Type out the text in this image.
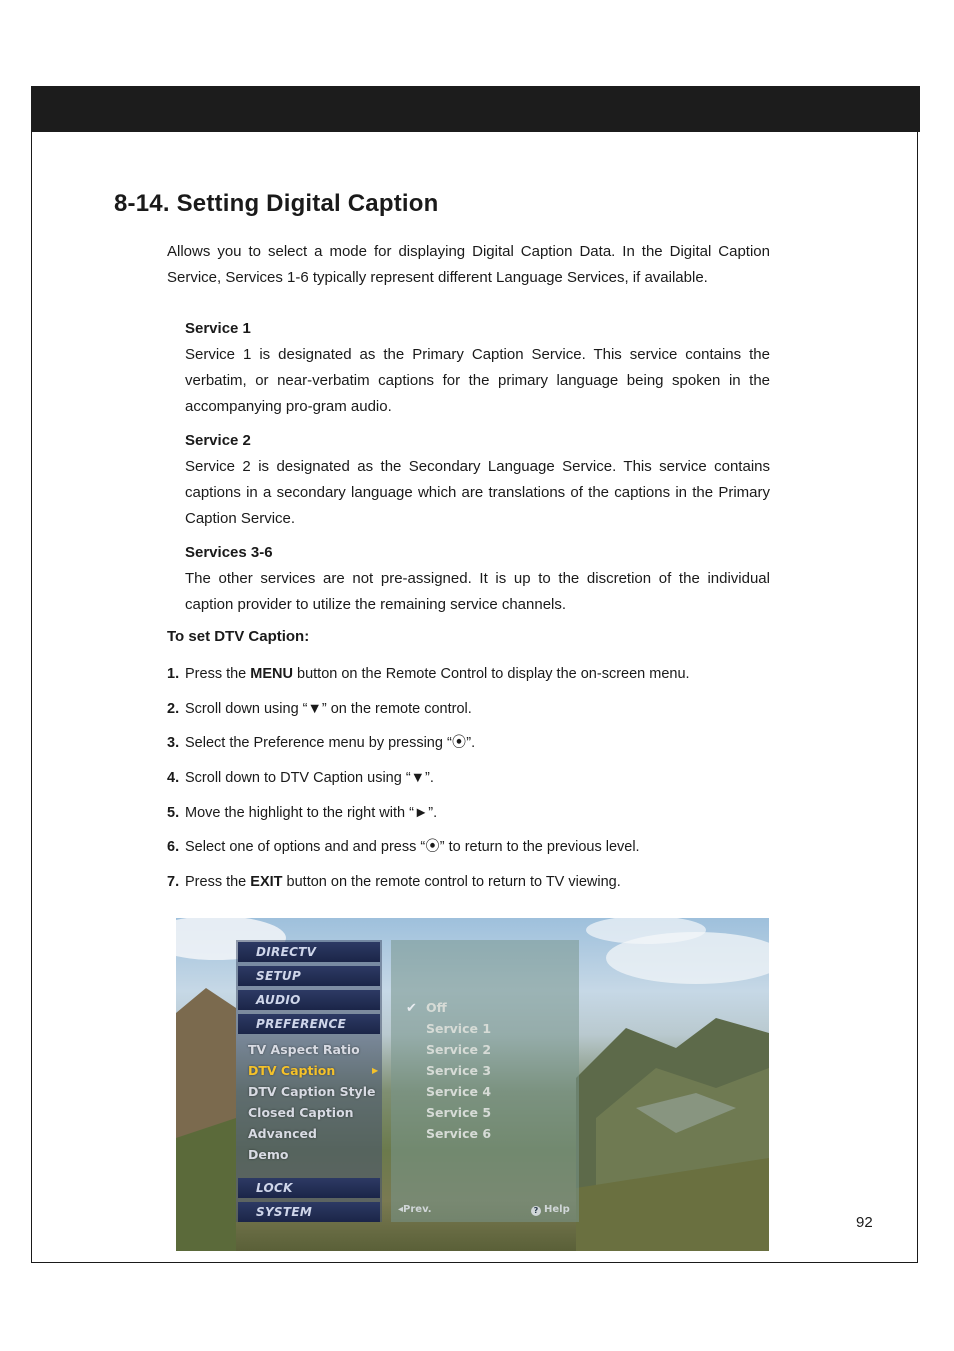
8-14. Setting Digital Caption
Allows you to select a mode for displaying Digital Caption Data. In the Digital Caption Service, Services 1-6 typically represent different Language Services, if available.
Service 1
Service 1 is designated as the Primary Caption Service. This service contains the verbatim, or near-verbatim captions for the primary language being spoken in the accompanying pro-gram audio.
Service 2
Service 2 is designated as the Secondary Language Service. This service contains captions in a secondary language which are translations of the captions in the Primary Caption Service.
Services 3-6
The other services are not pre-assigned. It is up to the discretion of the individual caption provider to utilize the remaining service channels.
To set DTV Caption:
1. Press the MENU button on the Remote Control to display the on-screen menu.
2. Scroll down using “▼” on the remote control.
3. Select the Preference menu by pressing “⦿”.
4. Scroll down to DTV Caption using “▼”.
5. Move the highlight to the right with “►”.
6. Select one of options and and press “⦿” to return to the previous level.
7. Press the EXIT button on the remote control to return to TV viewing.
DIRECTV
SETUP
AUDIO
PREFERENCE
TV Aspect Ratio
DTV Caption	▶
DTV Caption Style
Closed Caption
Advanced
Demo
LOCK
SYSTEM
✔ Off
Service 1
Service 2
Service 3
Service 4
Service 5
Service 6
◂Prev.	? Help
92
